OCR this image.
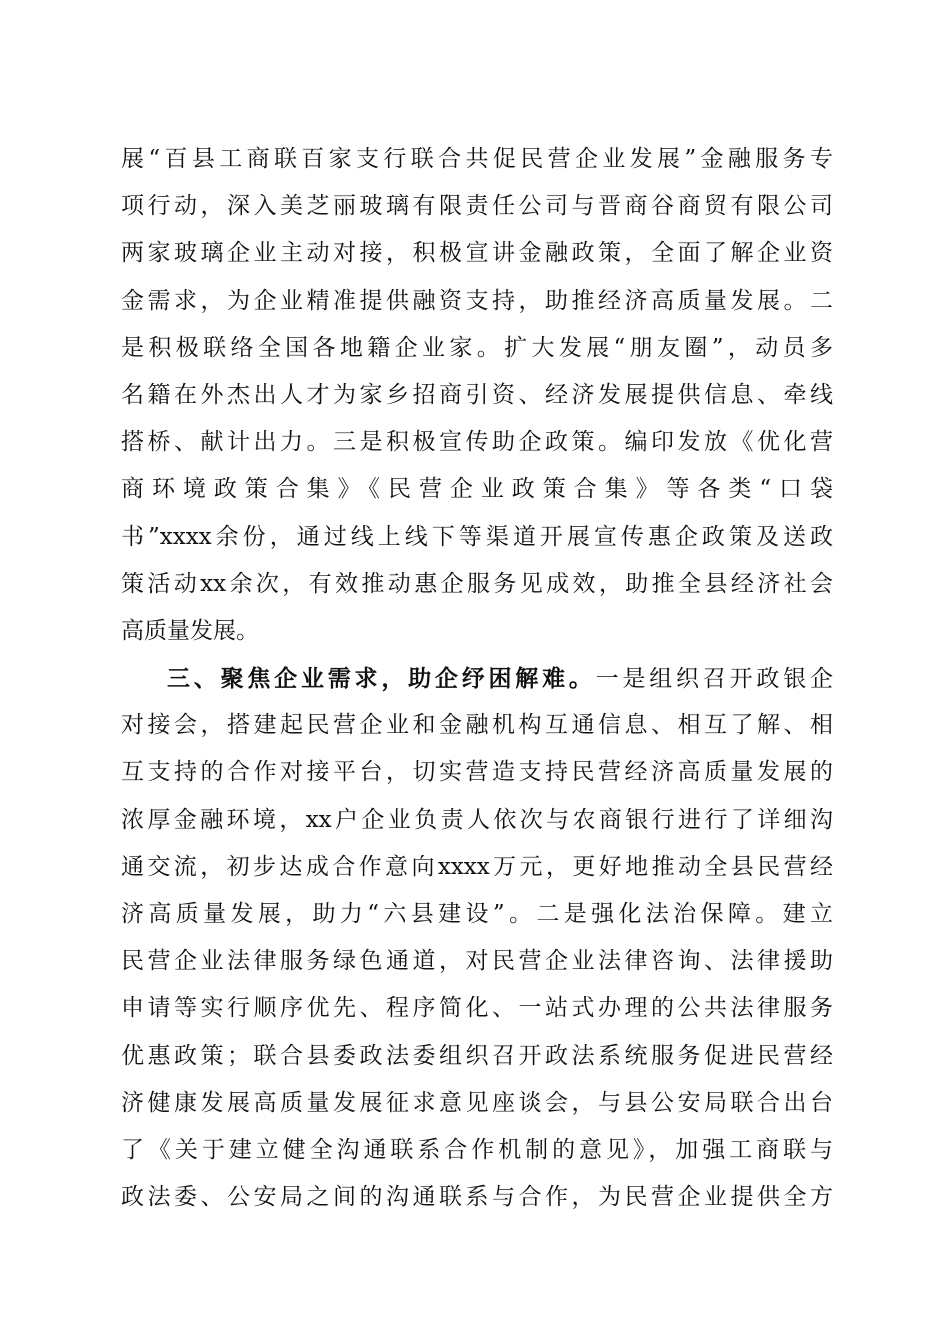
展“百县工商联百家支行联合共促民营企业发展”金融服务专
项行动，深入美芝丽玻璃有限责任公司与晋商谷商贸有限公司
两家玻璃企业主动对接，积极宣讲金融政策，全面了解企业资
金需求，为企业精准提供融资支持，助推经济高质量发展。二
是积极联络全国各地籍企业家。扩大发展“朋友圈”，动员多
名籍在外杰出人才为家乡招商引资、经济发展提供信息、牵线
搭桥、献计出力。三是积极宣传助企政策。编印发放《优化营
商环境政策合集》《民营企业政策合集》等各类“口袋
书”xxxx余份，通过线上线下等渠道开展宣传惠企政策及送政
策活动xx余次，有效推动惠企服务见成效，助推全县经济社会
高质量发展。
三、聚焦企业需求，助企纾困解难。一是组织召开政银企
对接会，搭建起民营企业和金融机构互通信息、相互了解、相
互支持的合作对接平台，切实营造支持民营经济高质量发展的
浓厚金融环境，xx户企业负责人依次与农商银行进行了详细沟
通交流，初步达成合作意向xxxx万元，更好地推动全县民营经
济高质量发展，助力“六县建设”。二是强化法治保障。建立
民营企业法律服务绿色通道，对民营企业法律咨询、法律援助
申请等实行顺序优先、程序简化、一站式办理的公共法律服务
优惠政策；联合县委政法委组织召开政法系统服务促进民营经
济健康发展高质量发展征求意见座谈会，与县公安局联合出台
了《关于建立健全沟通联系合作机制的意见》，加强工商联与
政法委、公安局之间的沟通联系与合作，为民营企业提供全方
